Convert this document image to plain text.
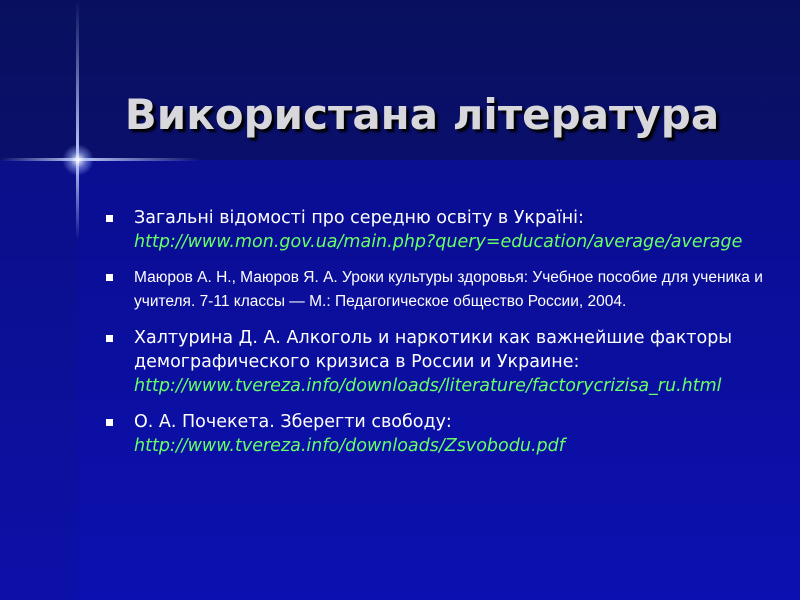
Використана література
Загальні відомості про середню освіту в Україні:
http://www.mon.gov.ua/main.php?query=education/average/average
Маюров А. Н., Маюров Я. А. Уроки культуры здоровья: Учебное пособие для ученика и учителя. 7-11 классы — М.: Педагогическое общество России, 2004.
Халтурина Д. А. Алкоголь и наркотики как важнейшие факторы демографического кризиса в России и Украине:
http://www.tvereza.info/downloads/literature/factorycrizisa_ru.html
О. А. Почекета. Зберегти свободу:
http://www.tvereza.info/downloads/Zsvobodu.pdf
